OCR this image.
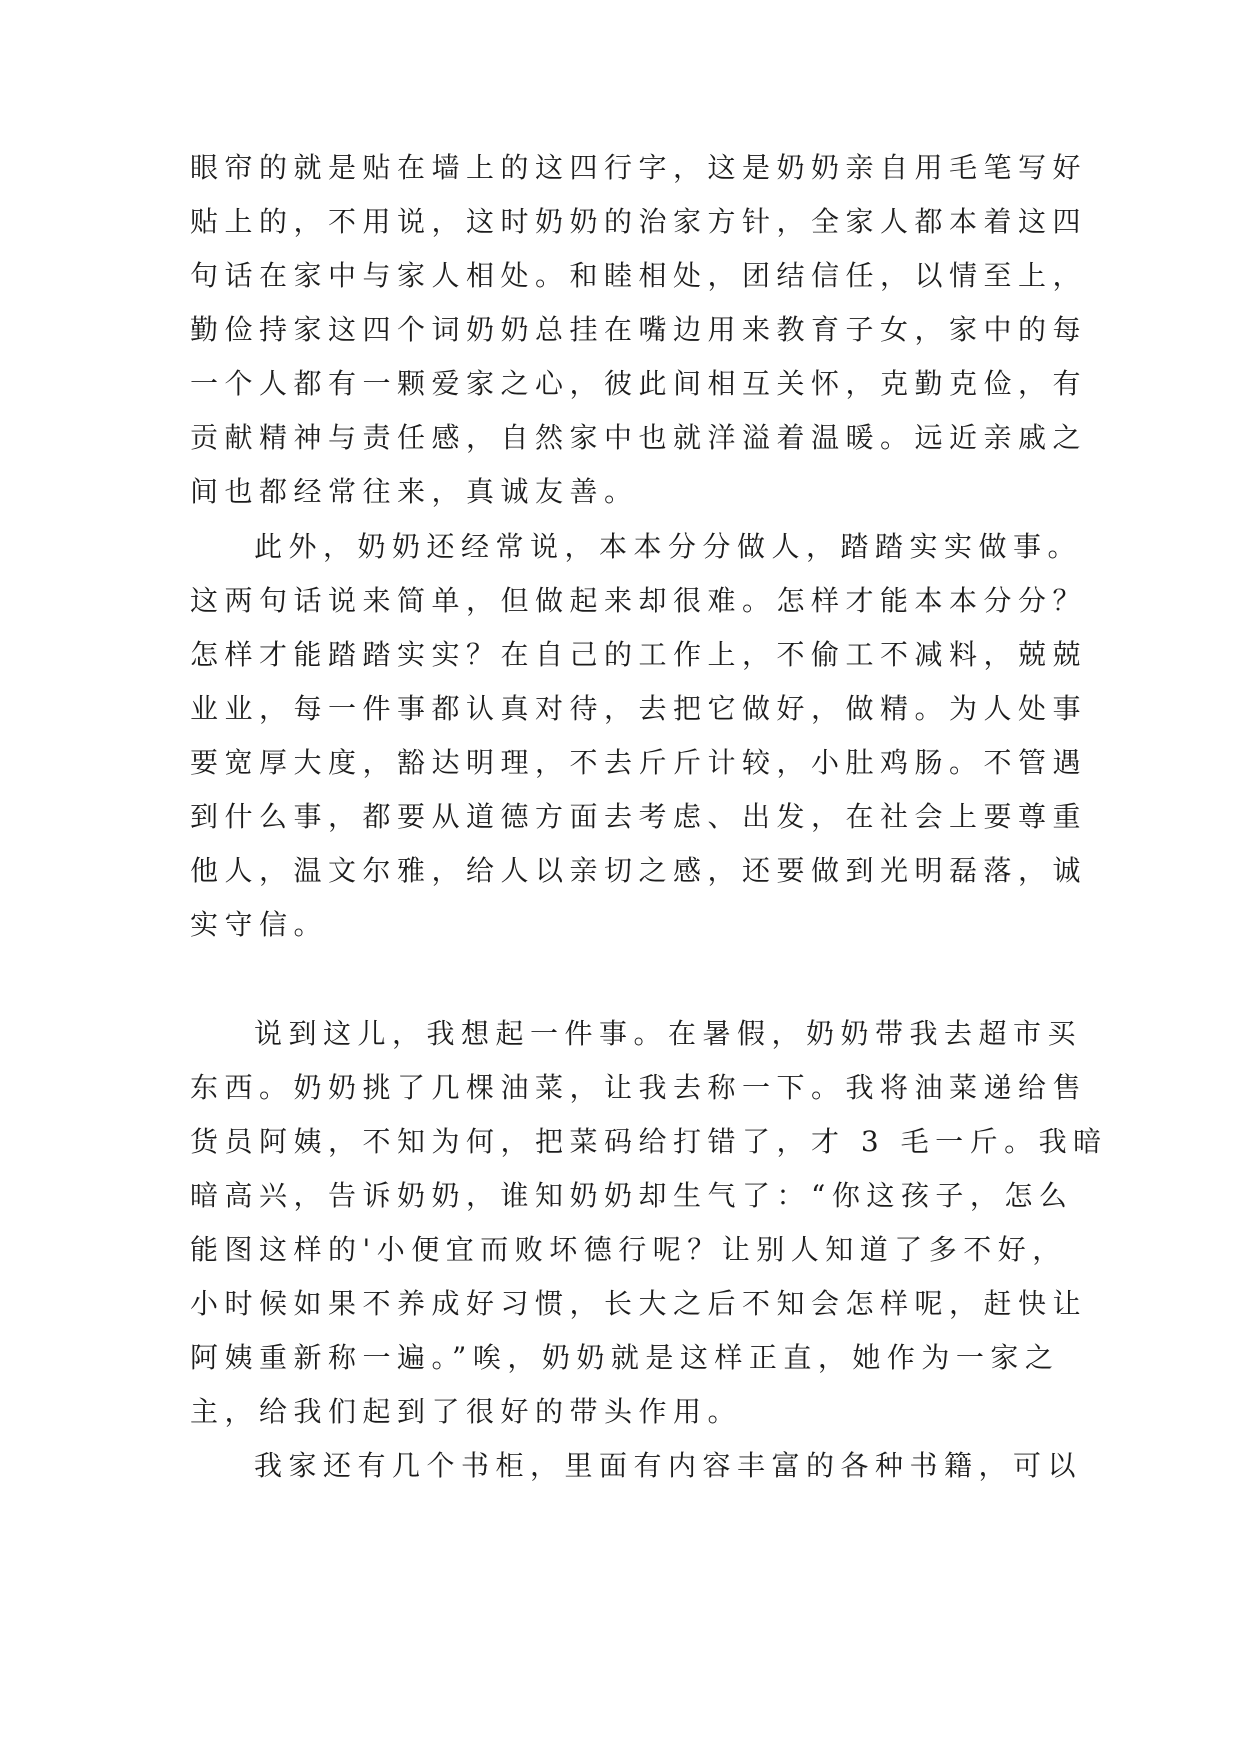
眼帘的就是贴在墙上的这四行字，这是奶奶亲自用毛笔写好
贴上的，不用说，这时奶奶的治家方针，全家人都本着这四
句话在家中与家人相处。和睦相处，团结信任，以情至上，
勤俭持家这四个词奶奶总挂在嘴边用来教育子女，家中的每
一个人都有一颗爱家之心，彼此间相互关怀，克勤克俭，有
贡献精神与责任感，自然家中也就洋溢着温暖。远近亲戚之
间也都经常往来，真诚友善。
此外，奶奶还经常说，本本分分做人，踏踏实实做事。
这两句话说来简单，但做起来却很难。怎样才能本本分分？
怎样才能踏踏实实？在自己的工作上，不偷工不减料，兢兢
业业，每一件事都认真对待，去把它做好，做精。为人处事
要宽厚大度，豁达明理，不去斤斤计较，小肚鸡肠。不管遇
到什么事，都要从道德方面去考虑、出发，在社会上要尊重
他人，温文尔雅，给人以亲切之感，还要做到光明磊落，诚
实守信。
说到这儿，我想起一件事。在暑假，奶奶带我去超市买
东西。奶奶挑了几棵油菜，让我去称一下。我将油菜递给售
货员阿姨，不知为何，把菜码给打错了，才 3 毛一斤。我暗
暗高兴，告诉奶奶，谁知奶奶却生气了：“你这孩子，怎么
能图这样的'小便宜而败坏德行呢？让别人知道了多不好，
小时候如果不养成好习惯，长大之后不知会怎样呢，赶快让
阿姨重新称一遍。”唉，奶奶就是这样正直，她作为一家之
主，给我们起到了很好的带头作用。
我家还有几个书柜，里面有内容丰富的各种书籍，可以
